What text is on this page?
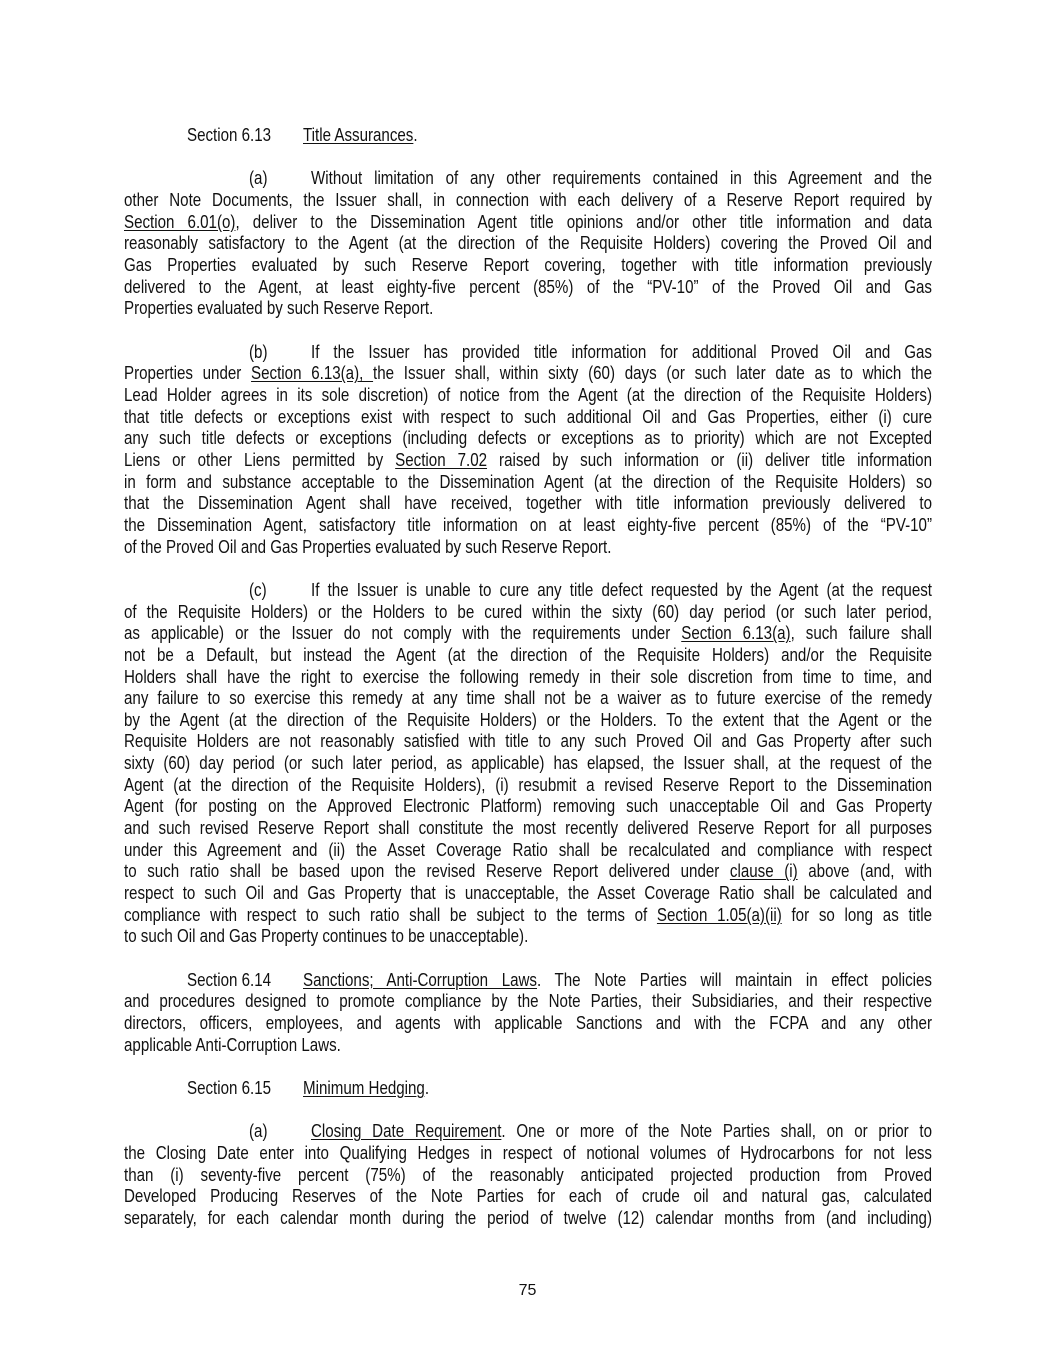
Section 6.13	Title Assurances.
(a)	Without limitation of any other requirements contained in this Agreement and the
other Note Documents, the Issuer shall, in connection with each delivery of a Reserve Report required by
Section 6.01(o), deliver to the Dissemination Agent title opinions and/or other title information and data
reasonably satisfactory to the Agent (at the direction of the Requisite Holders) covering the Proved Oil and
Gas Properties evaluated by such Reserve Report covering, together with title information previously
delivered to the Agent, at least eighty-five percent (85%) of the “PV-10” of the Proved Oil and Gas
Properties evaluated by such Reserve Report.
(b)	If the Issuer has provided title information for additional Proved Oil and Gas
Properties under Section 6.13(a), the Issuer shall, within sixty (60) days (or such later date as to which the
Lead Holder agrees in its sole discretion) of notice from the Agent (at the direction of the Requisite Holders)
that title defects or exceptions exist with respect to such additional Oil and Gas Properties, either (i) cure
any such title defects or exceptions (including defects or exceptions as to priority) which are not Excepted
Liens or other Liens permitted by Section 7.02 raised by such information or (ii) deliver title information
in form and substance acceptable to the Dissemination Agent (at the direction of the Requisite Holders) so
that the Dissemination Agent shall have received, together with title information previously delivered to
the Dissemination Agent, satisfactory title information on at least eighty-five percent (85%) of the “PV-10”
of the Proved Oil and Gas Properties evaluated by such Reserve Report.
(c)	If the Issuer is unable to cure any title defect requested by the Agent (at the request
of the Requisite Holders) or the Holders to be cured within the sixty (60) day period (or such later period,
as applicable) or the Issuer do not comply with the requirements under Section 6.13(a), such failure shall
not be a Default, but instead the Agent (at the direction of the Requisite Holders) and/or the Requisite
Holders shall have the right to exercise the following remedy in their sole discretion from time to time, and
any failure to so exercise this remedy at any time shall not be a waiver as to future exercise of the remedy
by the Agent (at the direction of the Requisite Holders) or the Holders. To the extent that the Agent or the
Requisite Holders are not reasonably satisfied with title to any such Proved Oil and Gas Property after such
sixty (60) day period (or such later period, as applicable) has elapsed, the Issuer shall, at the request of the
Agent (at the direction of the Requisite Holders), (i) resubmit a revised Reserve Report to the Dissemination
Agent (for posting on the Approved Electronic Platform) removing such unacceptable Oil and Gas Property
and such revised Reserve Report shall constitute the most recently delivered Reserve Report for all purposes
under this Agreement and (ii) the Asset Coverage Ratio shall be recalculated and compliance with respect
to such ratio shall be based upon the revised Reserve Report delivered under clause (i) above (and, with
respect to such Oil and Gas Property that is unacceptable, the Asset Coverage Ratio shall be calculated and
compliance with respect to such ratio shall be subject to the terms of Section 1.05(a)(ii) for so long as title
to such Oil and Gas Property continues to be unacceptable).
Section 6.14	Sanctions; Anti-Corruption Laws. The Note Parties will maintain in effect policies
and procedures designed to promote compliance by the Note Parties, their Subsidiaries, and their respective
directors, officers, employees, and agents with applicable Sanctions and with the FCPA and any other
applicable Anti-Corruption Laws.
Section 6.15	Minimum Hedging.
(a)	Closing Date Requirement. One or more of the Note Parties shall, on or prior to
the Closing Date enter into Qualifying Hedges in respect of notional volumes of Hydrocarbons for not less
than (i) seventy-five percent (75%) of the reasonably anticipated projected production from Proved
Developed Producing Reserves of the Note Parties for each of crude oil and natural gas, calculated
separately, for each calendar month during the period of twelve (12) calendar months from (and including)
75
